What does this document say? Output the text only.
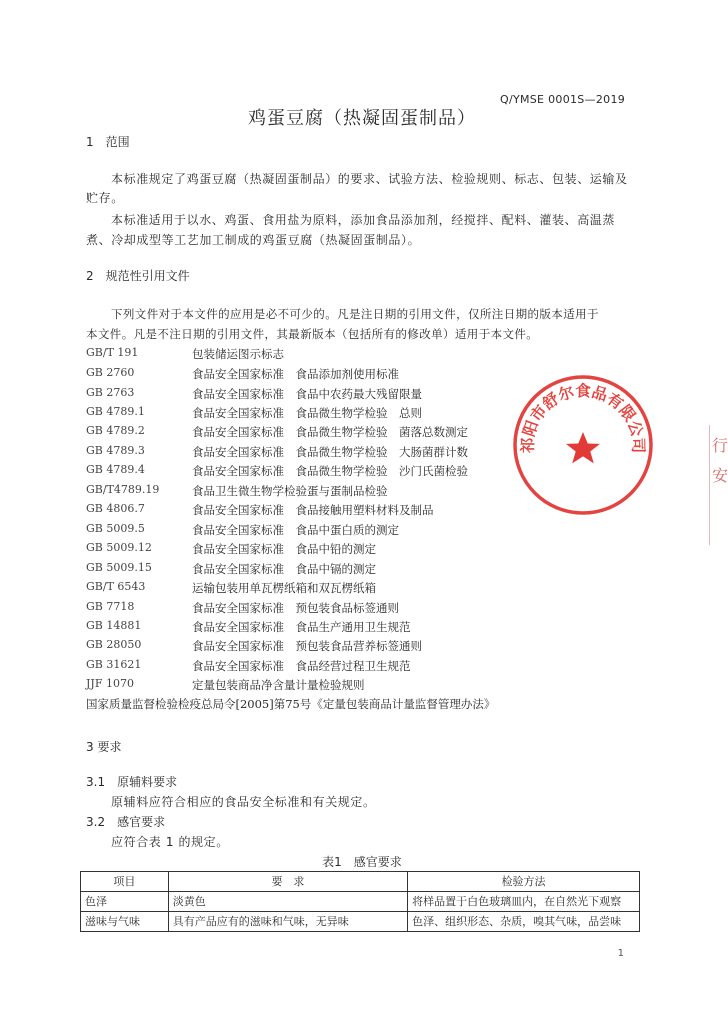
Q/YMSE 0001S—2019
鸡蛋豆腐（热凝固蛋制品）
1　范围
本标准规定了鸡蛋豆腐（热凝固蛋制品）的要求、试验方法、检验规则、标志、包装、运输及
贮存。
本标准适用于以水、鸡蛋、食用盐为原料，添加食品添加剂，经搅拌、配料、灌装、高温蒸
煮、冷却成型等工艺加工制成的鸡蛋豆腐（热凝固蛋制品）。
2　规范性引用文件
下列文件对于本文件的应用是必不可少的。凡是注日期的引用文件，仅所注日期的版本适用于
本文件。凡是不注日期的引用文件，其最新版本（包括所有的修改单）适用于本文件。
GB/T 191	包装储运图示标志
GB 2760	食品安全国家标准　食品添加剂使用标准
GB 2763	食品安全国家标准　食品中农药最大残留限量
GB 4789.1	食品安全国家标准　食品微生物学检验　总则
GB 4789.2	食品安全国家标准　食品微生物学检验　菌落总数测定
GB 4789.3	食品安全国家标准　食品微生物学检验　大肠菌群计数
GB 4789.4	食品安全国家标准　食品微生物学检验　沙门氏菌检验
GB/T4789.19	食品卫生微生物学检验蛋与蛋制品检验
GB 4806.7	食品安全国家标准　食品接触用塑料材料及制品
GB 5009.5	食品安全国家标准　食品中蛋白质的测定
GB 5009.12	食品安全国家标准　食品中铅的测定
GB 5009.15	食品安全国家标准　食品中镉的测定
GB/T 6543	运输包装用单瓦楞纸箱和双瓦楞纸箱
GB 7718	食品安全国家标准　预包装食品标签通则
GB 14881	食品安全国家标准　食品生产通用卫生规范
GB 28050	食品安全国家标准　预包装食品营养标签通则
GB 31621	食品安全国家标准　食品经营过程卫生规范
JJF 1070	定量包装商品净含量计量检验规则
国家质量监督检验检疫总局令[2005]第75号《定量包装商品计量监督管理办法》
3 要求
3.1　原辅料要求
原辅料应符合相应的食品安全标准和有关规定。
3.2　感官要求
应符合表 1 的规定。
表1　感官要求
项目	要　求	检验方法
色泽	淡黄色	将样品置于白色玻璃皿内，在自然光下观察
滋味与气味	具有产品应有的滋味和气味，无异味	色泽、组织形态、杂质，嗅其气味，品尝味
1
祁阳市舒尔食品有限公司	行
安
